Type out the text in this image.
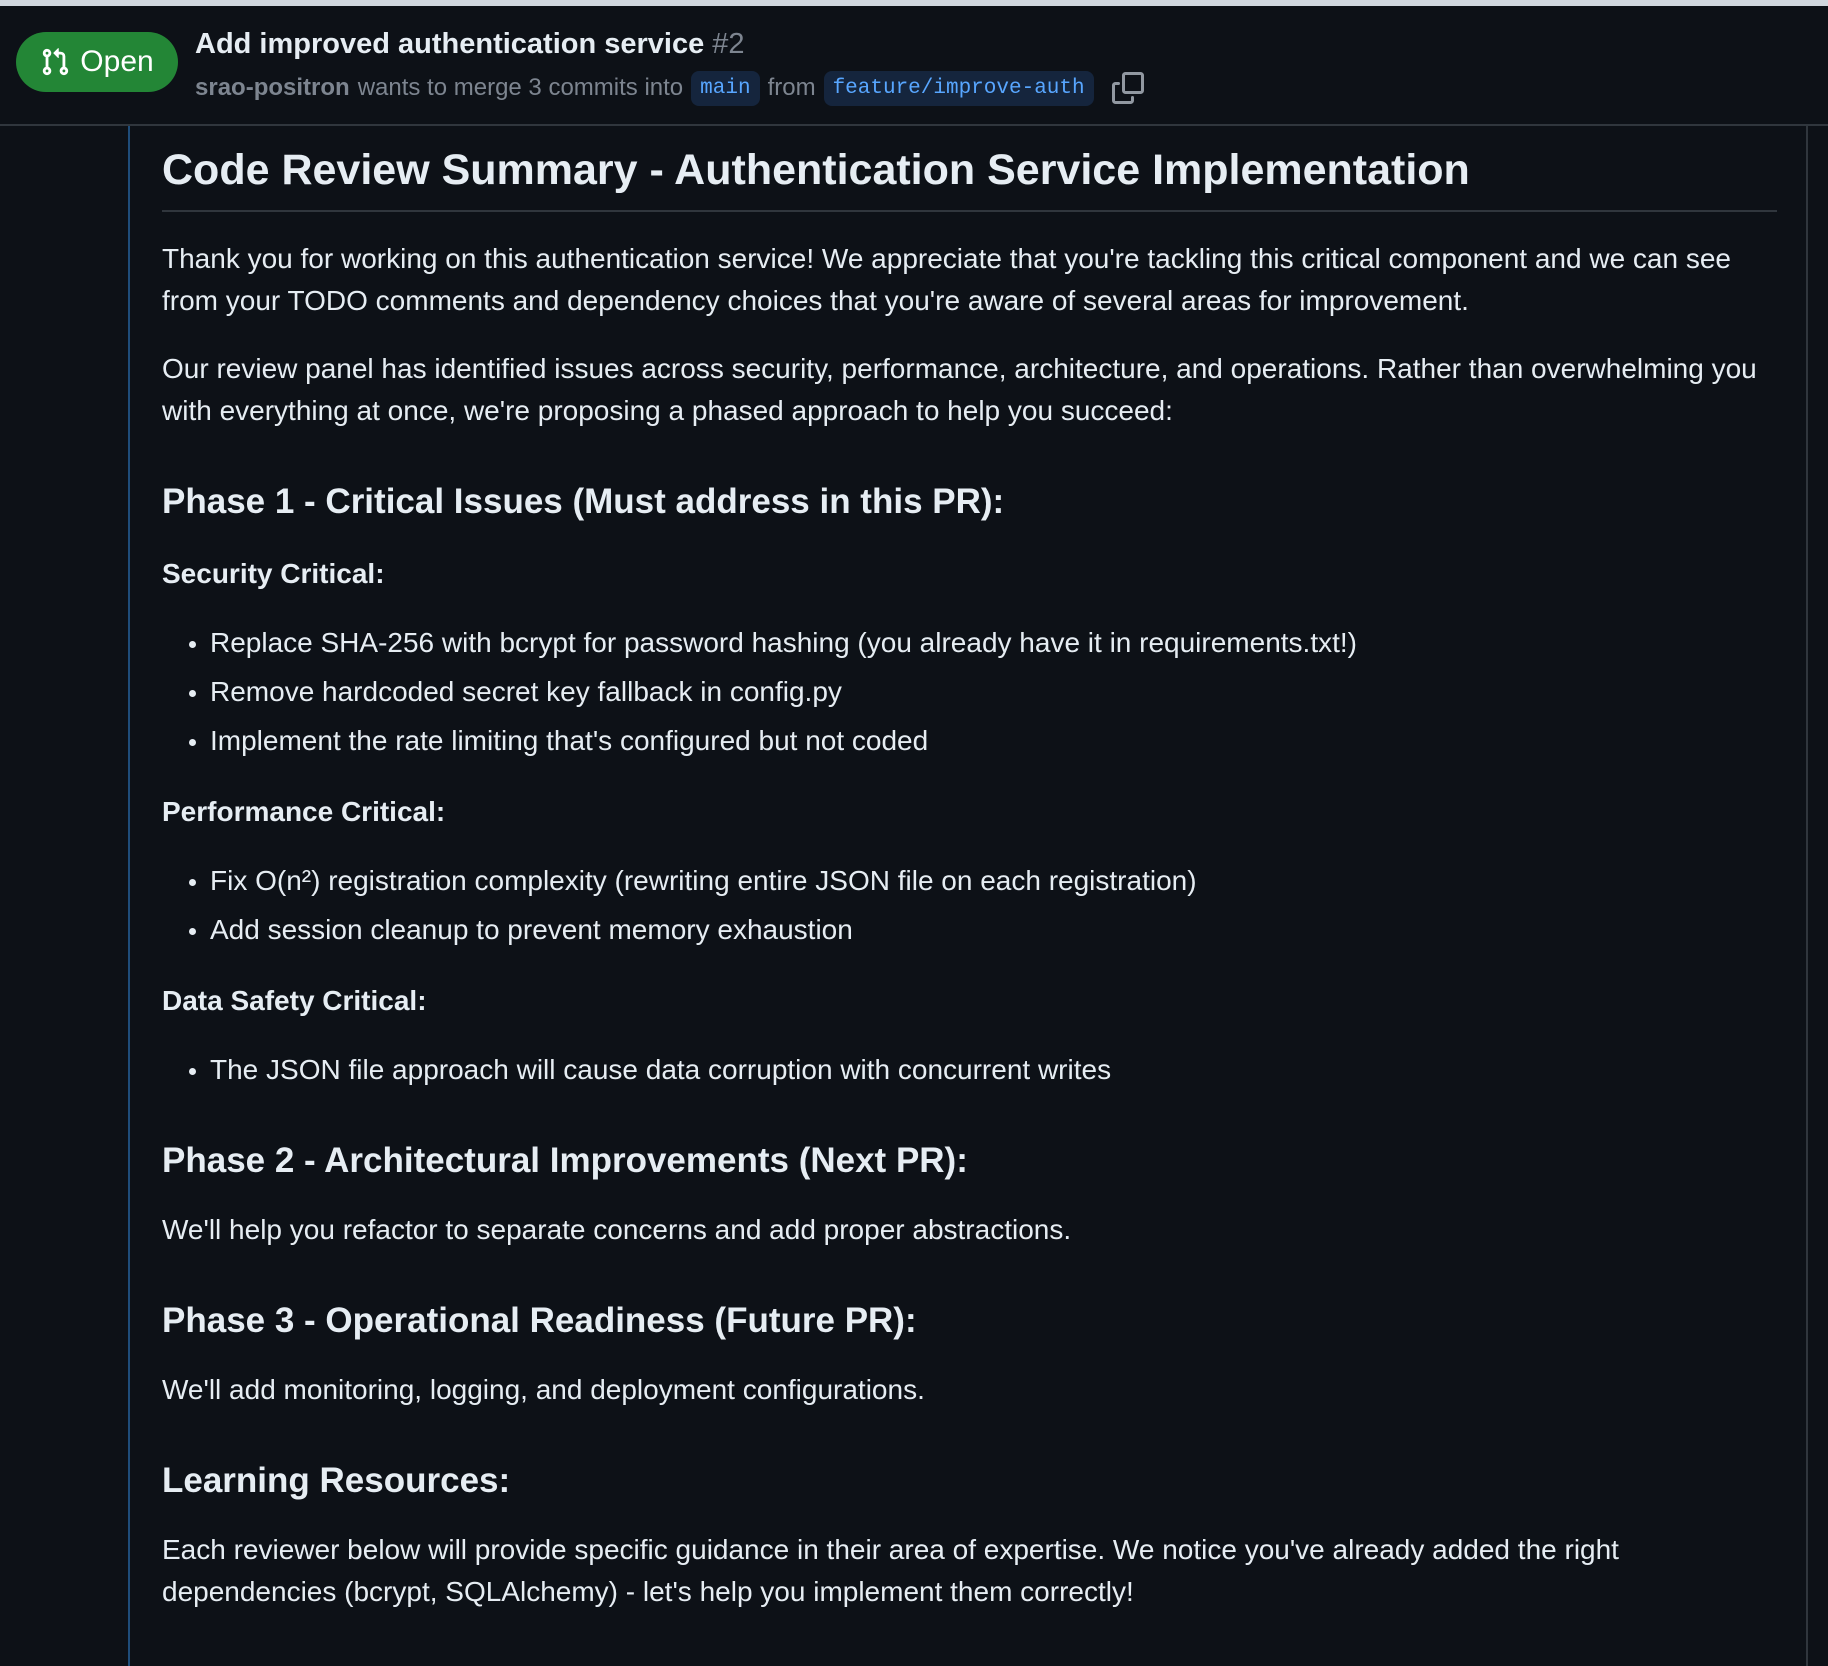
Open
Add improved authentication service #2
srao-positron wants to merge 3 commits into main from feature/improve-auth
Code Review Summary - Authentication Service Implementation

Thank you for working on this authentication service! We appreciate that you're tackling this critical component and we can see from your TODO comments and dependency choices that you're aware of several areas for improvement.

Our review panel has identified issues across security, performance, architecture, and operations. Rather than overwhelming you with everything at once, we're proposing a phased approach to help you succeed:

Phase 1 - Critical Issues (Must address in this PR):
Security Critical:
• Replace SHA-256 with bcrypt for password hashing (you already have it in requirements.txt!)
• Remove hardcoded secret key fallback in config.py
• Implement the rate limiting that's configured but not coded
Performance Critical:
• Fix O(n²) registration complexity (rewriting entire JSON file on each registration)
• Add session cleanup to prevent memory exhaustion
Data Safety Critical:
• The JSON file approach will cause data corruption with concurrent writes
Phase 2 - Architectural Improvements (Next PR):

We'll help you refactor to separate concerns and add proper abstractions.

Phase 3 - Operational Readiness (Future PR):

We'll add monitoring, logging, and deployment configurations.

Learning Resources:

Each reviewer below will provide specific guidance in their area of expertise. We notice you've already added the right dependencies (bcrypt, SQLAlchemy) - let's help you implement them correctly!
